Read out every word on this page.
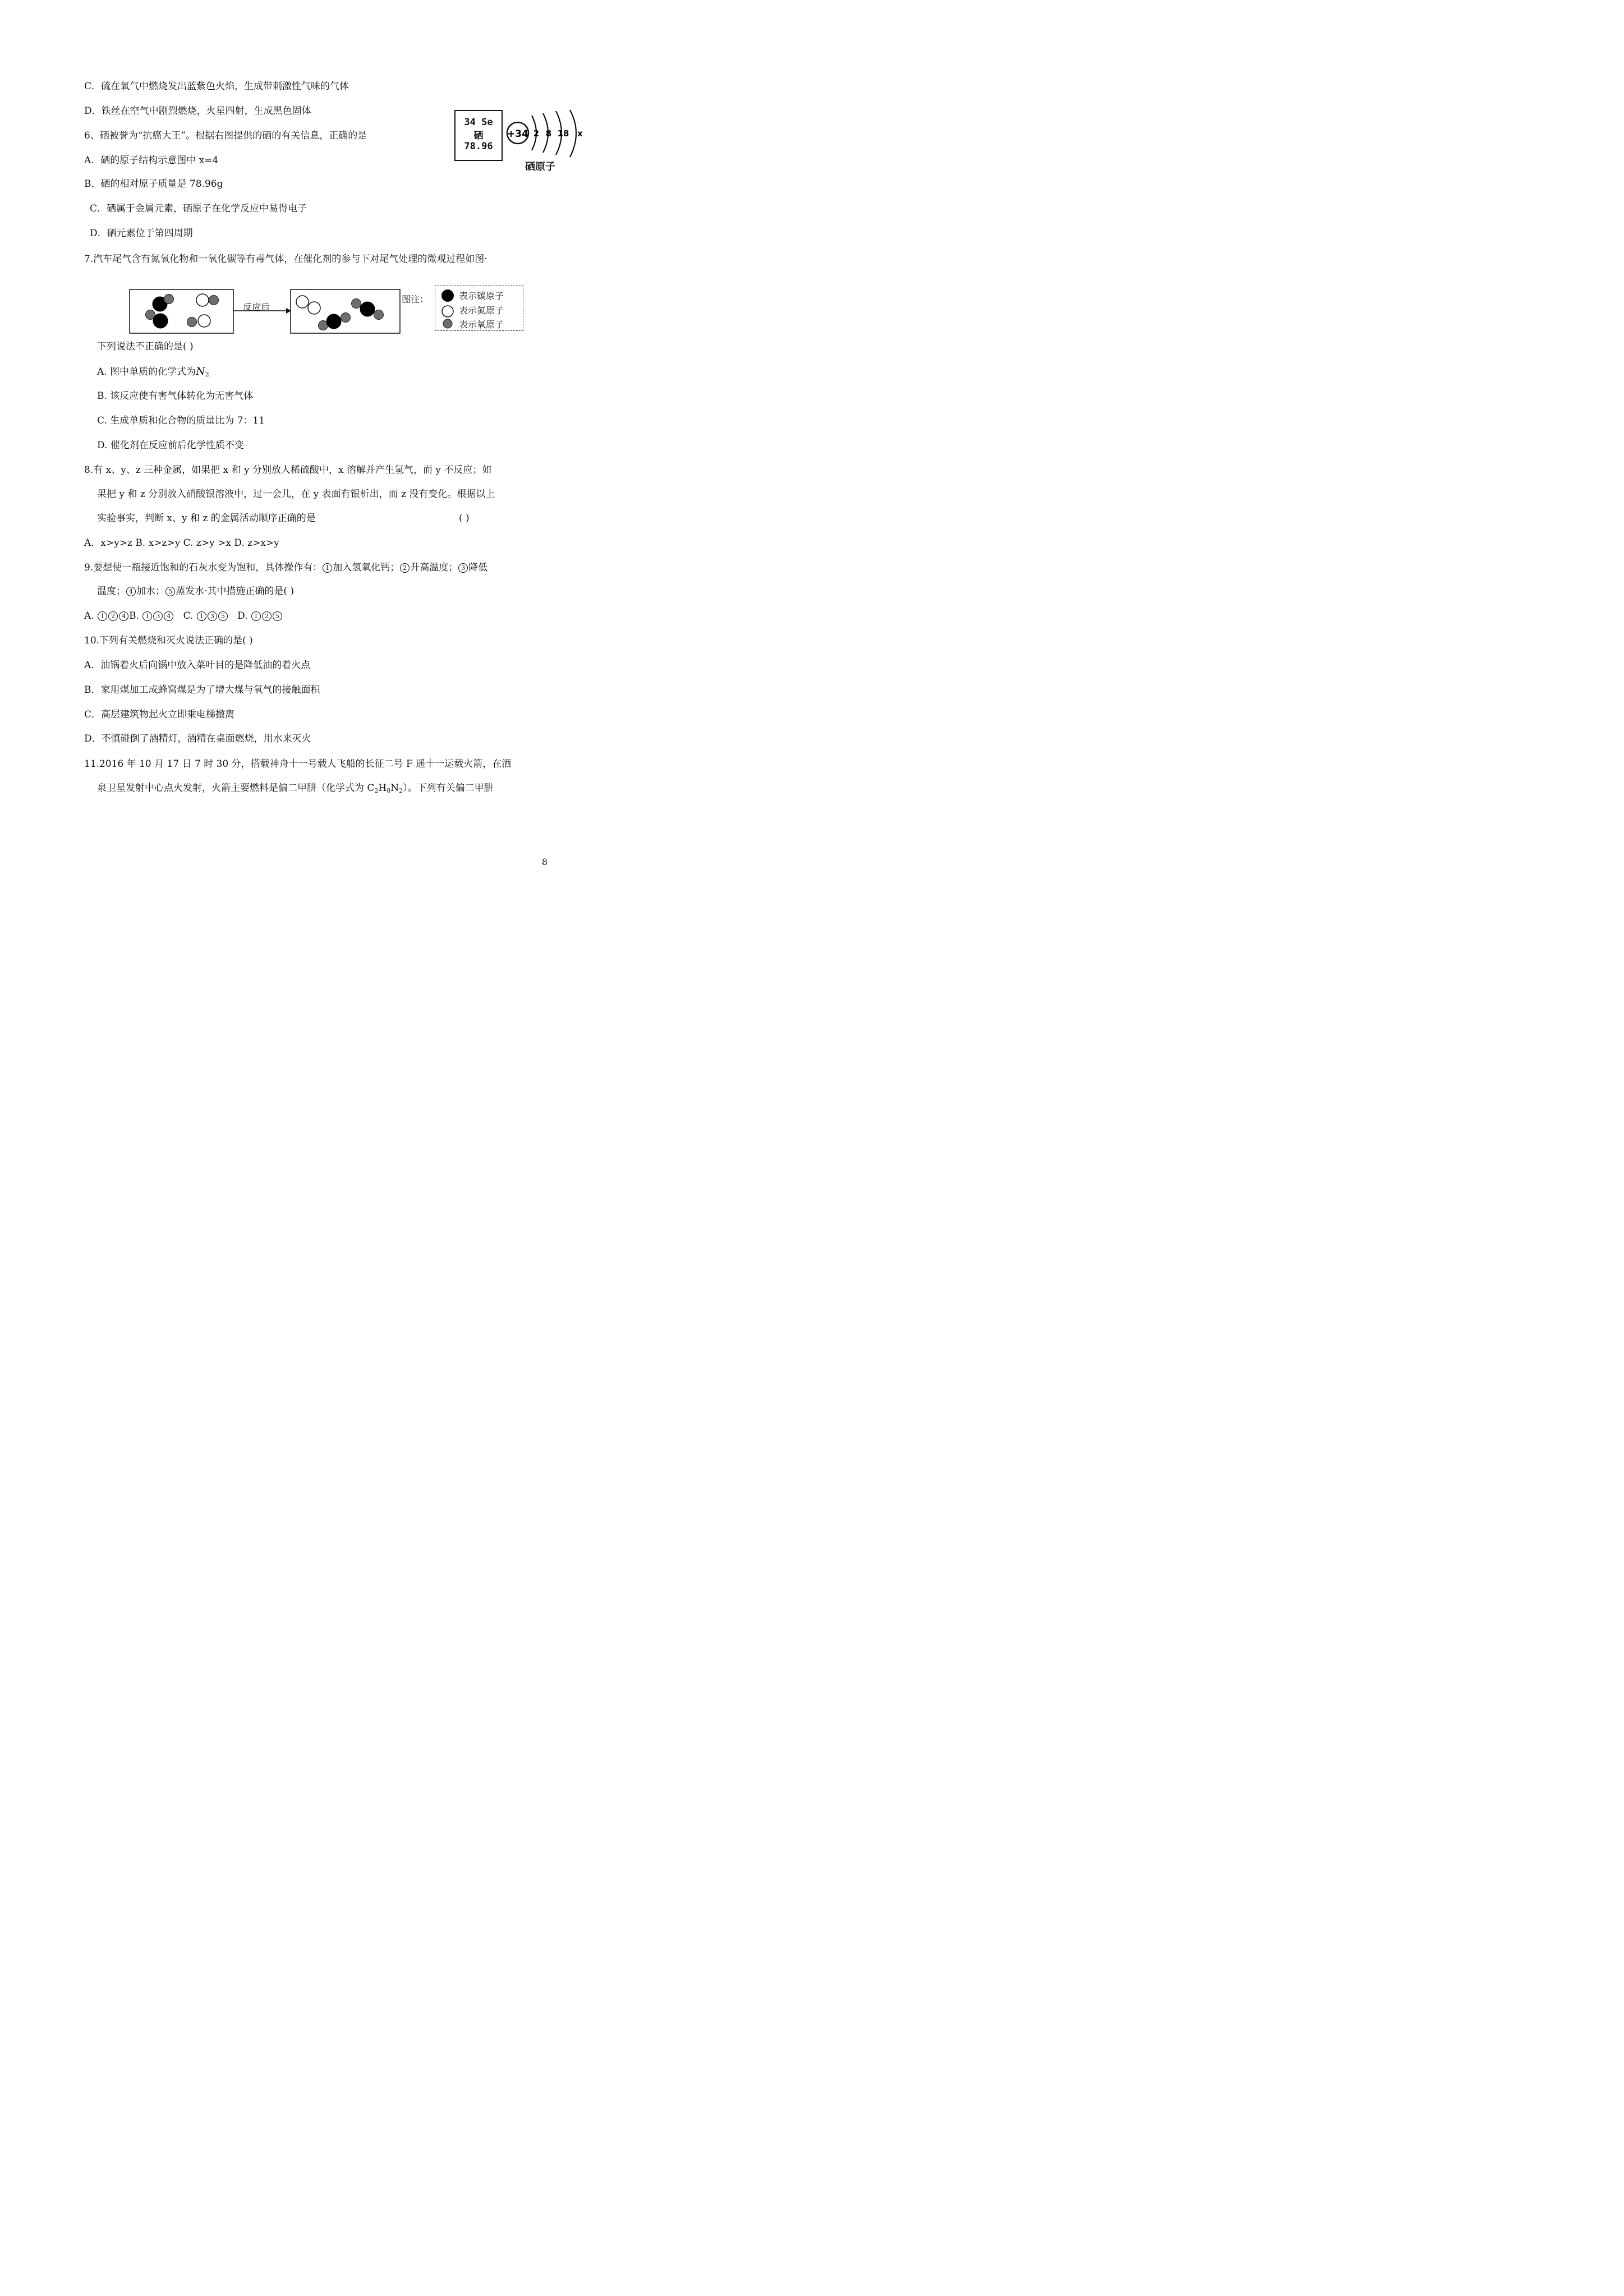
C．硫在氧气中燃烧发出蓝紫色火焰，生成带刺激性气味的气体
D．铁丝在空气中剧烈燃烧，火星四射，生成黑色固体
6、硒被誉为“抗癌大王”。根据右图提供的硒的有关信息，正确的是
A．硒的原子结构示意图中 x=4
B．硒的相对原子质量是 78.96g
C．硒属于金属元素，硒原子在化学反应中易得电子
D．硒元素位于第四周期
34 Se
硒
78.96
+34 2 8 18 x
硒原子
7.汽车尾气含有氮氧化物和一氧化碳等有毒气体，在催化剂的参与下对尾气处理的微观过程如图·
反应后
图注：	表示碳原子
表示氮原子
表示氧原子
下列说法不正确的是( )
A. 图中单质的化学式为$N_2$
B. 该反应使有害气体转化为无害气体
C. 生成单质和化合物的质量比为 7：11
D. 催化剂在反应前后化学性质不变
8.有 x、y、z 三种金属，如果把 x 和 y 分别放人稀硫酸中，x 溶解并产生氢气，而 y 不反应；如
果把 y 和 z 分别放入硝酸银溶液中，过一会儿，在 y 表面有银析出，而 z 没有变化。根据以上
实验事实，判断 x、y 和 z 的金属活动顺序正确的是	( )
A．x>y>z B. x>z>y C. z>y >x D. z>x>y
9.要想使一瓶接近饱和的石灰水变为饱和，具体操作有： 1 加入氢氧化钙； 2 升高温度； 3 降低
温度； 4 加水； 5 蒸发水·其中措施正确的是( )
A. 1 2 4 B. 1 3 4 C. 1 3 5 D. 1 2 5
10.下列有关燃烧和灭火说法正确的是( )
A．油锅着火后向锅中放入菜叶目的是降低油的着火点
B．家用煤加工成蜂窝煤是为了增大煤与氧气的接触面积
C．高层建筑物起火立即乘电梯撤离
D．不慎碰倒了酒精灯，酒精在桌面燃烧，用水来灭火
11.2016 年 10 月 17 日 7 时 30 分，搭载神舟十一号载人飞船的长征二号 F 遥十一运载火箭，在酒
泉卫星发射中心点火发射，火箭主要燃料是偏二甲肼（化学式为 $C_2H_8N_2$）。下列有关偏二甲肼
8
